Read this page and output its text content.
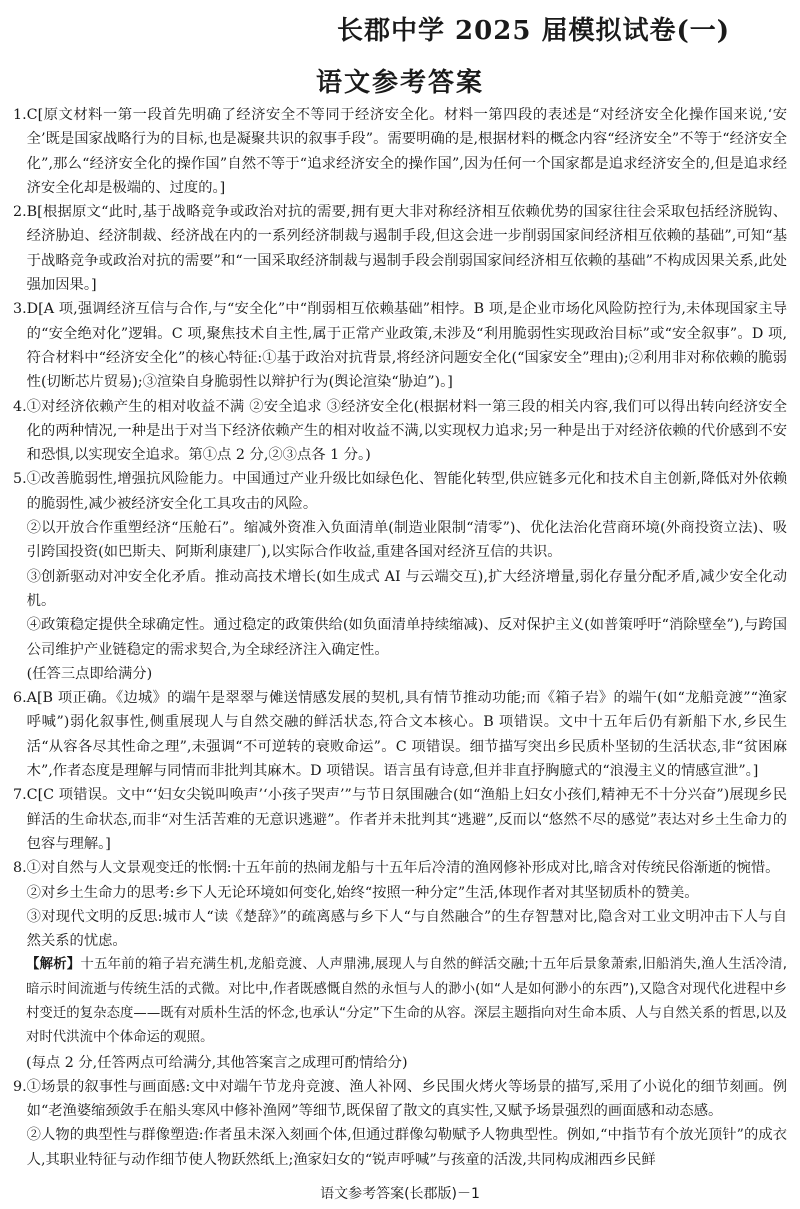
长郡中学 2025 届模拟试卷(一)
语文参考答案
1. C[原文材料一第一段首先明确了经济安全不等同于经济安全化。材料一第四段的表述是“对经济安全化操作国来说,‘安全’既是国家战略行为的目标,也是凝聚共识的叙事手段”。需要明确的是,根据材料的概念内容“经济安全”不等于“经济安全化”,那么“经济安全化的操作国”自然不等于“追求经济安全的操作国”,因为任何一个国家都是追求经济安全的,但是追求经济安全化却是极端的、过度的。]
2. B[根据原文“此时,基于战略竞争或政治对抗的需要,拥有更大非对称经济相互依赖优势的国家往往会采取包括经济脱钩、经济胁迫、经济制裁、经济战在内的一系列经济制裁与遏制手段,但这会进一步削弱国家间经济相互依赖的基础”,可知“基于战略竞争或政治对抗的需要”和“一国采取经济制裁与遏制手段会削弱国家间经济相互依赖的基础”不构成因果关系,此处强加因果。]
3. D[A 项,强调经济互信与合作,与“安全化”中“削弱相互依赖基础”相悖。B 项,是企业市场化风险防控行为,未体现国家主导的“安全绝对化”逻辑。C 项,聚焦技术自主性,属于正常产业政策,未涉及“利用脆弱性实现政治目标”或“安全叙事”。D 项,符合材料中“经济安全化”的核心特征:①基于政治对抗背景,将经济问题安全化(“国家安全”理由);②利用非对称依赖的脆弱性(切断芯片贸易);③渲染自身脆弱性以辩护行为(舆论渲染“胁迫”)。]
4. ①对经济依赖产生的相对收益不满 ②安全追求 ③经济安全化(根据材料一第三段的相关内容,我们可以得出转向经济安全化的两种情况,一种是出于对当下经济依赖产生的相对收益不满,以实现权力追求;另一种是出于对经济依赖的代价感到不安和恐惧,以实现安全追求。第①点 2 分,②③点各 1 分。)
5. ①改善脆弱性,增强抗风险能力。中国通过产业升级比如绿色化、智能化转型,供应链多元化和技术自主创新,降低对外依赖的脆弱性,减少被经济安全化工具攻击的风险。
②以开放合作重塑经济“压舱石”。缩减外资准入负面清单(制造业限制“清零”)、优化法治化营商环境(外商投资立法)、吸引跨国投资(如巴斯夫、阿斯利康建厂),以实际合作收益,重建各国对经济互信的共识。
③创新驱动对冲安全化矛盾。推动高技术增长(如生成式 AI 与云端交互),扩大经济增量,弱化存量分配矛盾,减少安全化动机。
④政策稳定提供全球确定性。通过稳定的政策供给(如负面清单持续缩减)、反对保护主义(如普策呼吁“消除壁垒”),与跨国公司维护产业链稳定的需求契合,为全球经济注入确定性。
(任答三点即给满分)
6. A[B 项正确。《边城》的端午是翠翠与傩送情感发展的契机,具有情节推动功能;而《箱子岩》的端午(如“龙船竞渡”“渔家呼喊”)弱化叙事性,侧重展现人与自然交融的鲜活状态,符合文本核心。B 项错误。文中十五年后仍有新船下水,乡民生活“从容各尽其性命之理”,未强调“不可逆转的衰败命运”。C 项错误。细节描写突出乡民质朴坚韧的生活状态,非“贫困麻木”,作者态度是理解与同情而非批判其麻木。D 项错误。语言虽有诗意,但并非直抒胸臆式的“浪漫主义的情感宣泄”。]
7. C[C 项错误。文中“‘妇女尖锐叫唤声’‘小孩子哭声’”与节日氛围融合(如“渔船上妇女小孩们,精神无不十分兴奋”)展现乡民鲜活的生命状态,而非“对生活苦难的无意识逃避”。作者并未批判其“逃避”,反而以“悠然不尽的感觉”表达对乡土生命力的包容与理解。]
8. ①对自然与人文景观变迁的怅惘:十五年前的热闹龙船与十五年后冷清的渔网修补形成对比,暗含对传统民俗渐逝的惋惜。
②对乡土生命力的思考:乡下人无论环境如何变化,始终“按照一种分定”生活,体现作者对其坚韧质朴的赞美。
③对现代文明的反思:城市人“读《楚辞》”的疏离感与乡下人“与自然融合”的生存智慧对比,隐含对工业文明冲击下人与自然关系的忧虑。
【解析】十五年前的箱子岩充满生机,龙船竞渡、人声鼎沸,展现人与自然的鲜活交融;十五年后景象萧索,旧船消失,渔人生活冷清,暗示时间流逝与传统生活的式微。对比中,作者既感慨自然的永恒与人的渺小(如“人是如何渺小的东西”),又隐含对现代化进程中乡村变迁的复杂态度——既有对质朴生活的怀念,也承认“分定”下生命的从容。深层主题指向对生命本质、人与自然关系的哲思,以及对时代洪流中个体命运的观照。
(每点 2 分,任答两点可给满分,其他答案言之成理可酌情给分)
9. ①场景的叙事性与画面感:文中对端午节龙舟竞渡、渔人补网、乡民围火烤火等场景的描写,采用了小说化的细节刻画。例如“老渔婆缩颈敛手在船头寒风中修补渔网”等细节,既保留了散文的真实性,又赋予场景强烈的画面感和动态感。
②人物的典型性与群像塑造:作者虽未深入刻画个体,但通过群像勾勒赋予人物典型性。例如,“中指节有个放光顶针”的成衣人,其职业特征与动作细节使人物跃然纸上;渔家妇女的“锐声呼喊”与孩童的活泼,共同构成湘西乡民鲜
语文参考答案(长郡版)－1
